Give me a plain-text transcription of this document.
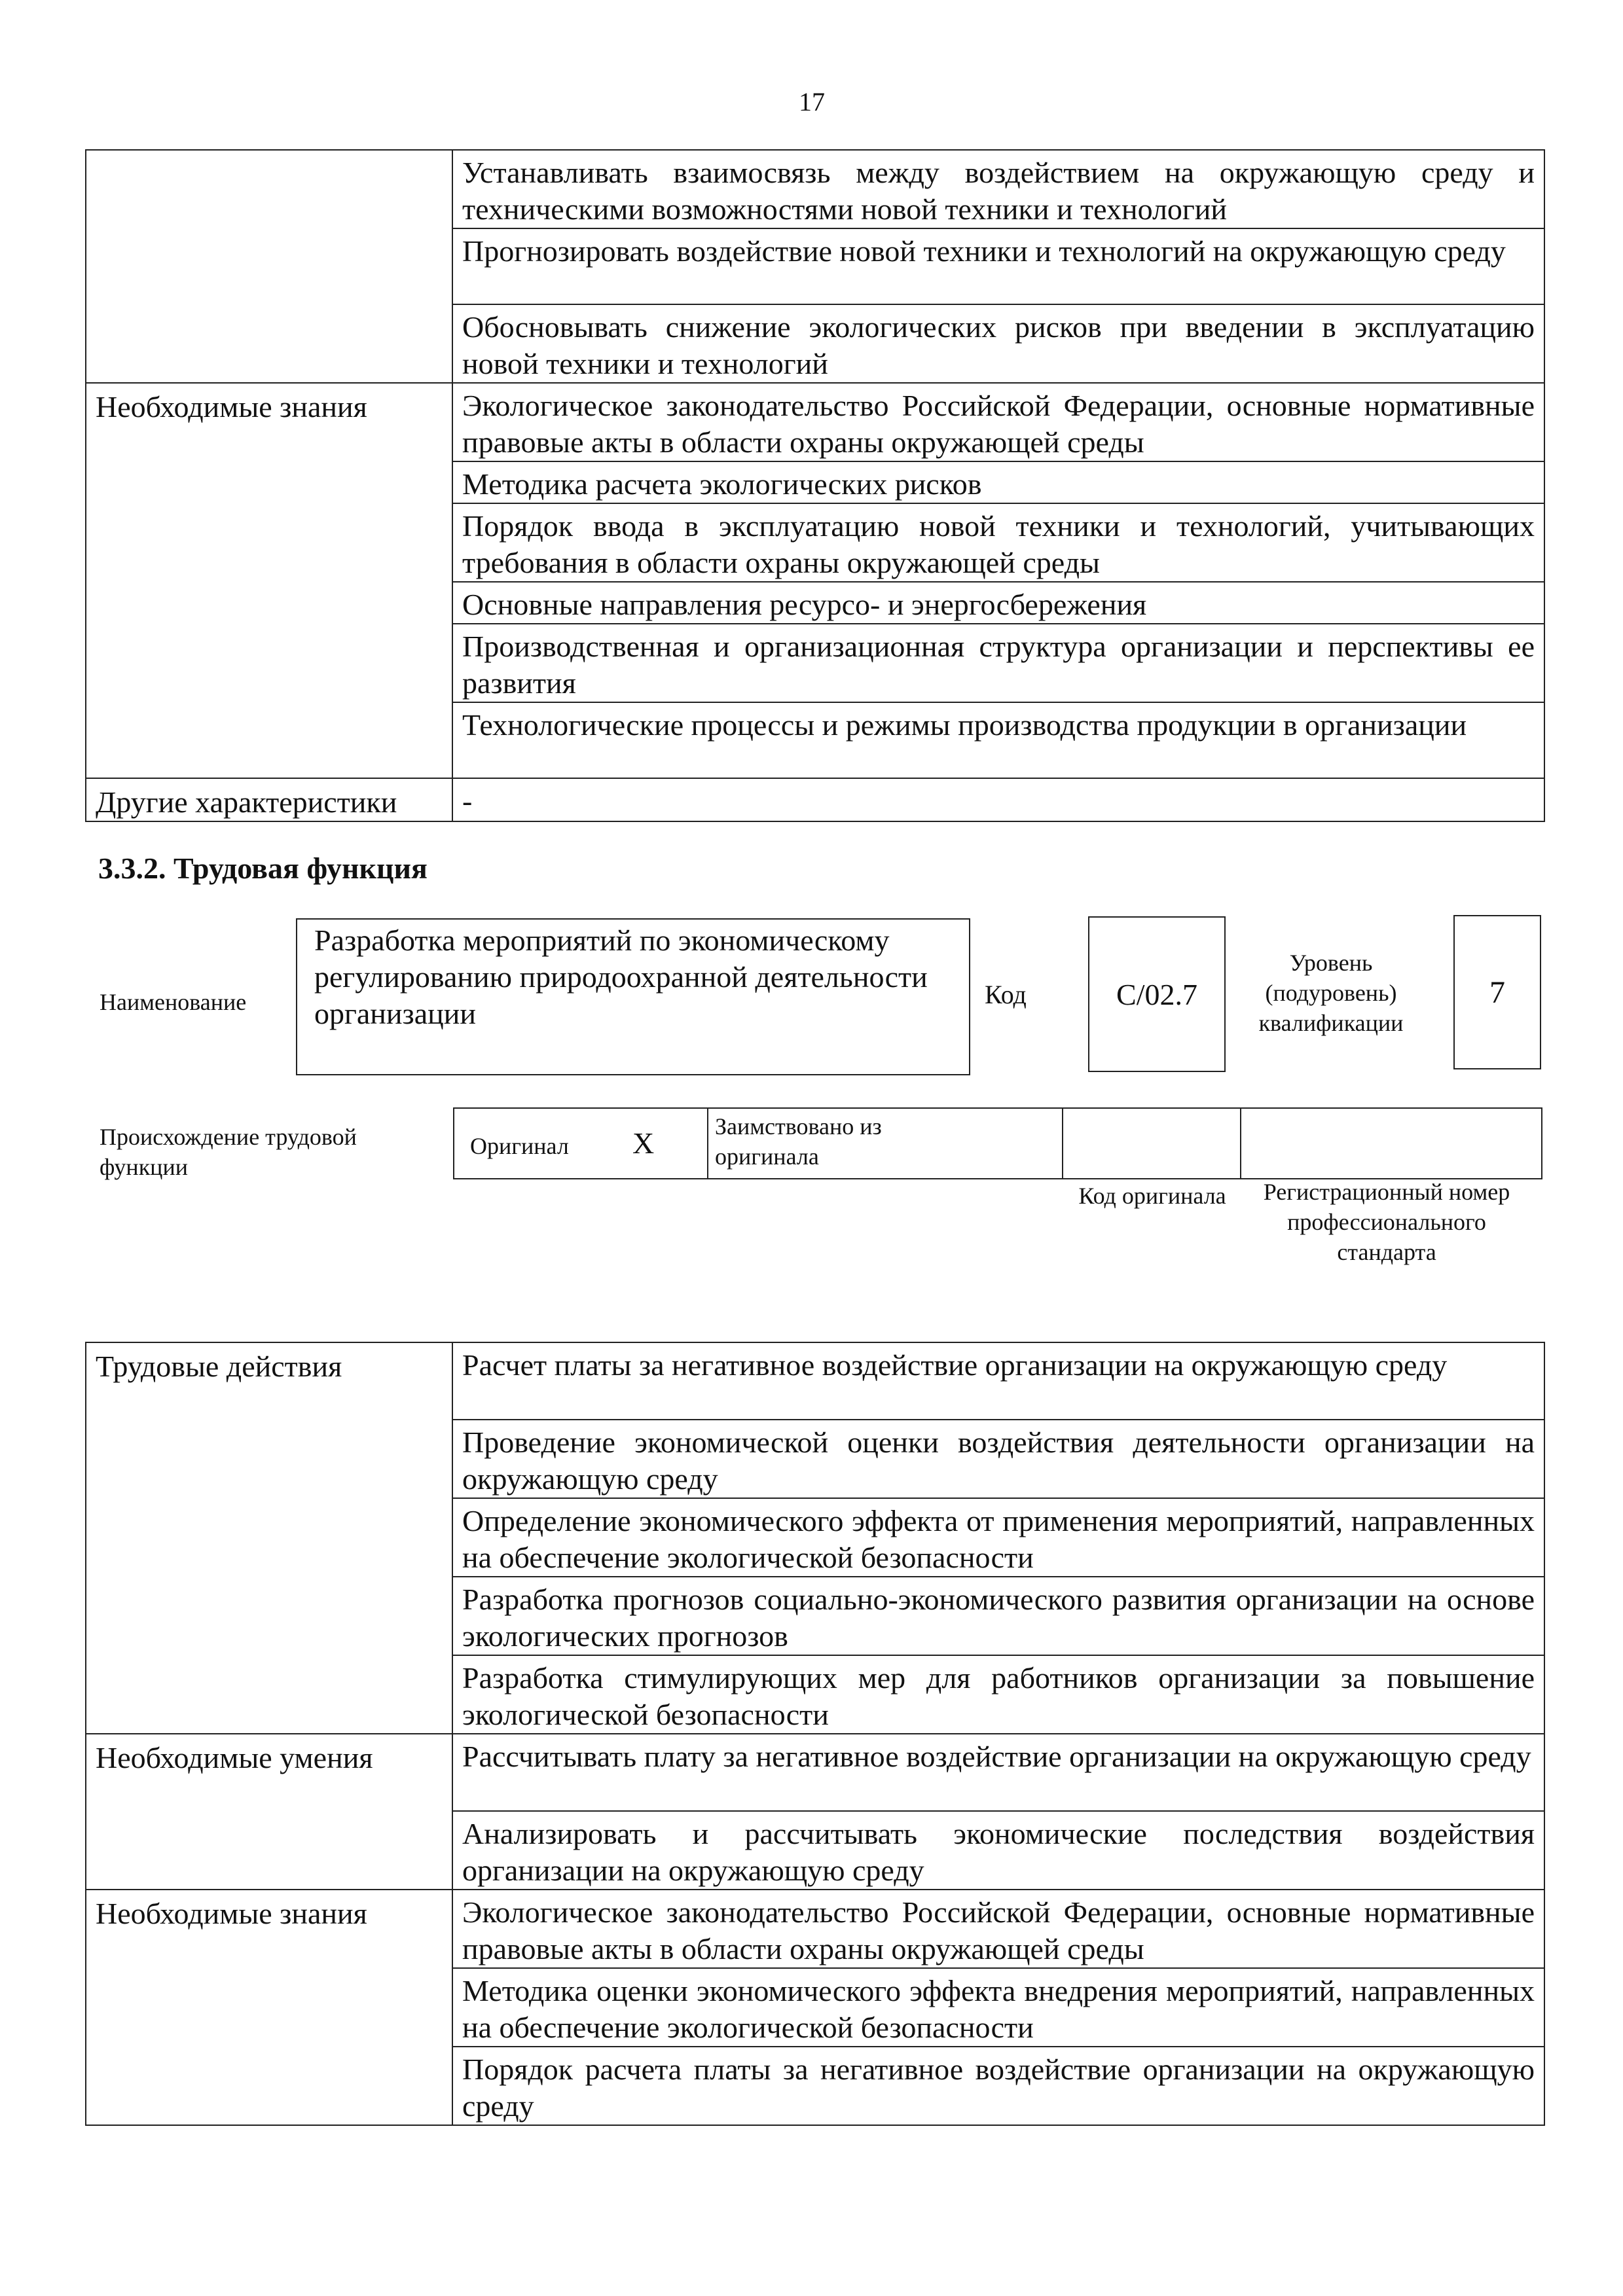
17
	Устанавливать взаимосвязь между воздействием на окружающую среду и техническими возможностями новой техники и технологий
	Прогнозировать воздействие новой техники и технологий на окружающую среду
	Обосновывать снижение экологических рисков при введении в эксплуатацию новой техники и технологий
Необходимые знания	Экологическое законодательство Российской Федерации, основные нормативные правовые акты в области охраны окружающей среды
	Методика расчета экологических рисков
	Порядок ввода в эксплуатацию новой техники и технологий, учитывающих требования в области охраны окружающей среды
	Основные направления ресурсо- и энергосбережения
	Производственная и организационная структура организации и перспективы ее развития
	Технологические процессы и режимы производства продукции в организации
Другие характеристики	-
3.3.2. Трудовая функция
Наименование
Разработка мероприятий по экономическому регулированию природоохранной деятельности организации
Код	C/02.7
Уровень (подуровень) квалификации
7
Происхождение трудовой функции
Оригинал X	Заимствовано из оригинала
Код оригинала	Регистрационный номер профессионального стандарта
Трудовые действия	Расчет платы за негативное воздействие организации на окружающую среду
	Проведение экономической оценки воздействия деятельности организации на окружающую среду
	Определение экономического эффекта от применения мероприятий, направленных на обеспечение экологической безопасности
	Разработка прогнозов социально-экономического развития организации на основе экологических прогнозов
	Разработка стимулирующих мер для работников организации за повышение экологической безопасности
Необходимые умения	Рассчитывать плату за негативное воздействие организации на окружающую среду
	Анализировать и рассчитывать экономические последствия воздействия организации на окружающую среду
Необходимые знания	Экологическое законодательство Российской Федерации, основные нормативные правовые акты в области охраны окружающей среды
	Методика оценки экономического эффекта внедрения мероприятий, направленных на обеспечение экологической безопасности
	Порядок расчета платы за негативное воздействие организации на окружающую среду
